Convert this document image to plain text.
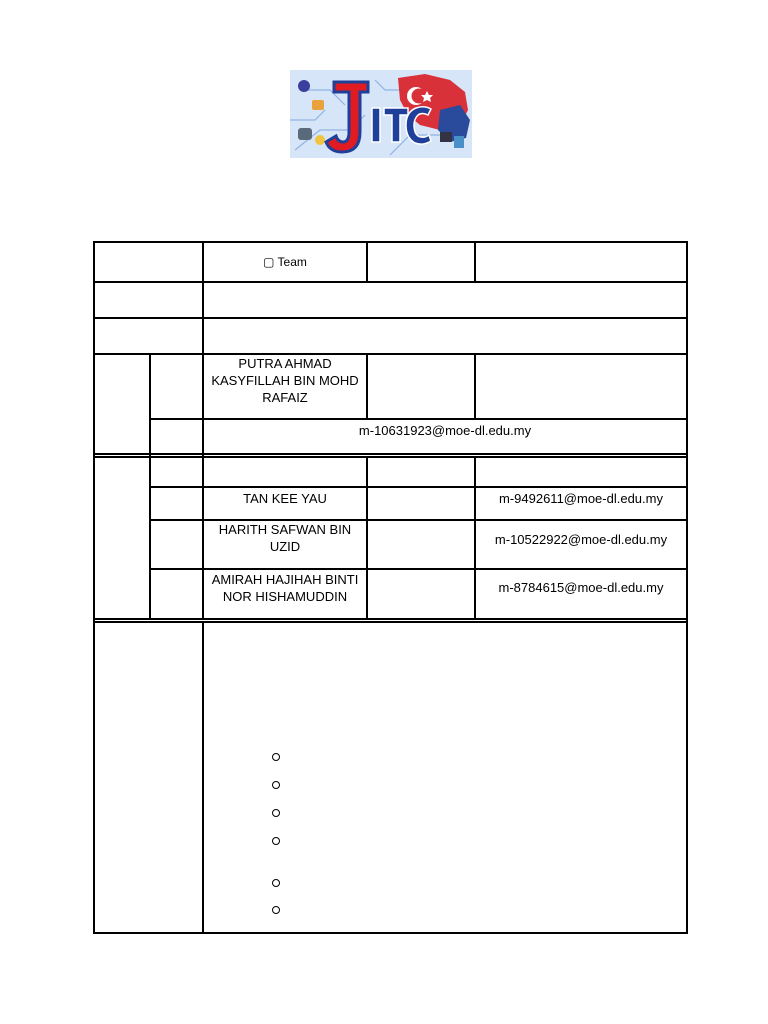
▢ Team
PUTRA AHMAD KASYFILLAH BIN MOHD RAFAIZ
m-10631923@moe-dl.edu.my
TAN KEE YAU	m-9492611@moe-dl.edu.my
HARITH SAFWAN BIN UZID	m-10522922@moe-dl.edu.my
AMIRAH HAJIHAH BINTI NOR HISHAMUDDIN
m-8784615@moe-dl.edu.my
